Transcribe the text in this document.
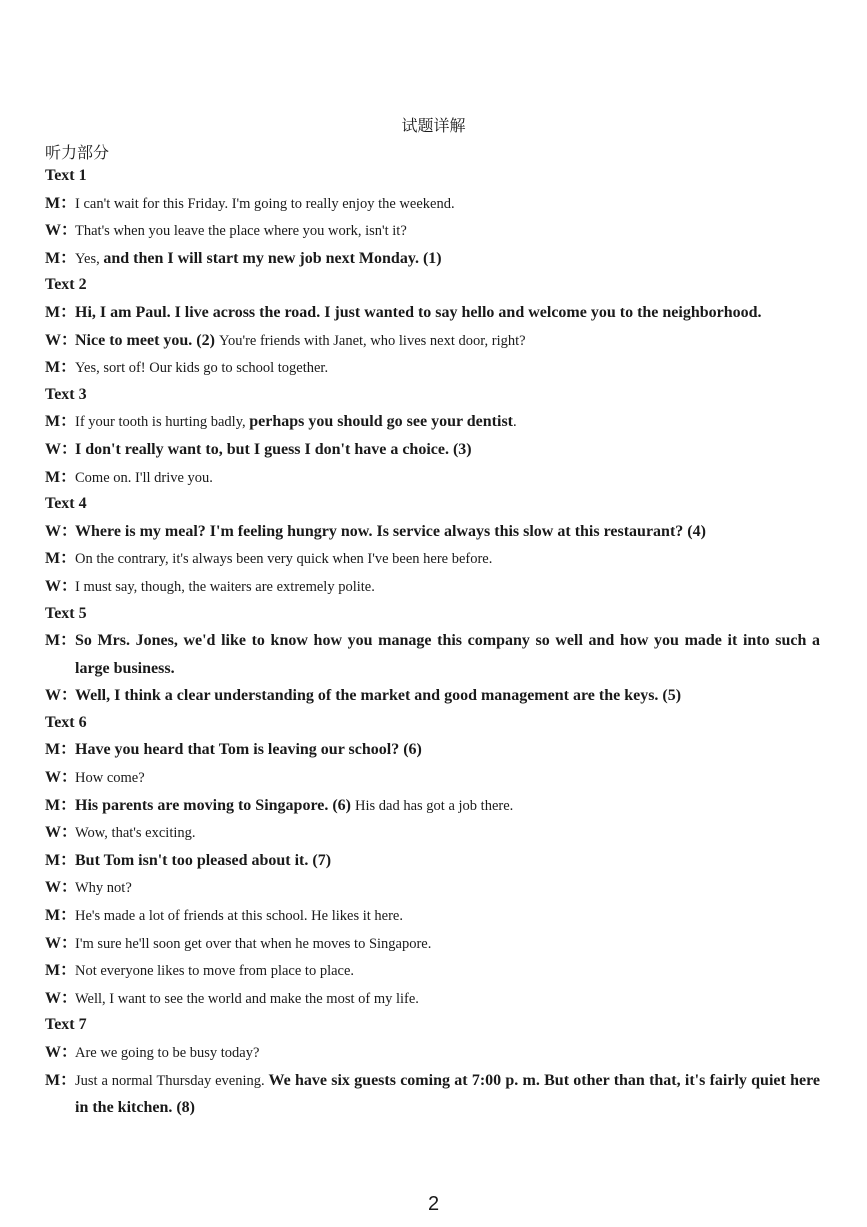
试题详解
听力部分
Text 1
M：I can't wait for this Friday. I'm going to really enjoy the weekend.
W：That's when you leave the place where you work, isn't it?
M：Yes, and then I will start my new job next Monday. (1)
Text 2
M：Hi, I am Paul. I live across the road. I just wanted to say hello and welcome you to the neighborhood.
W：Nice to meet you. (2) You're friends with Janet, who lives next door, right?
M：Yes, sort of! Our kids go to school together.
Text 3
M：If your tooth is hurting badly, perhaps you should go see your dentist.
W：I don't really want to, but I guess I don't have a choice. (3)
M：Come on. I'll drive you.
Text 4
W：Where is my meal? I'm feeling hungry now. Is service always this slow at this restaurant? (4)
M：On the contrary, it's always been very quick when I've been here before.
W：I must say, though, the waiters are extremely polite.
Text 5
M：So Mrs. Jones, we'd like to know how you manage this company so well and how you made it into such a large business.
W：Well, I think a clear understanding of the market and good management are the keys. (5)
Text 6
M：Have you heard that Tom is leaving our school? (6)
W：How come?
M：His parents are moving to Singapore. (6) His dad has got a job there.
W：Wow, that's exciting.
M：But Tom isn't too pleased about it. (7)
W：Why not?
M：He's made a lot of friends at this school. He likes it here.
W：I'm sure he'll soon get over that when he moves to Singapore.
M：Not everyone likes to move from place to place.
W：Well, I want to see the world and make the most of my life.
Text 7
W：Are we going to be busy today?
M：Just a normal Thursday evening. We have six guests coming at 7:00 p. m. But other than that, it's fairly quiet here in the kitchen. (8)
2
